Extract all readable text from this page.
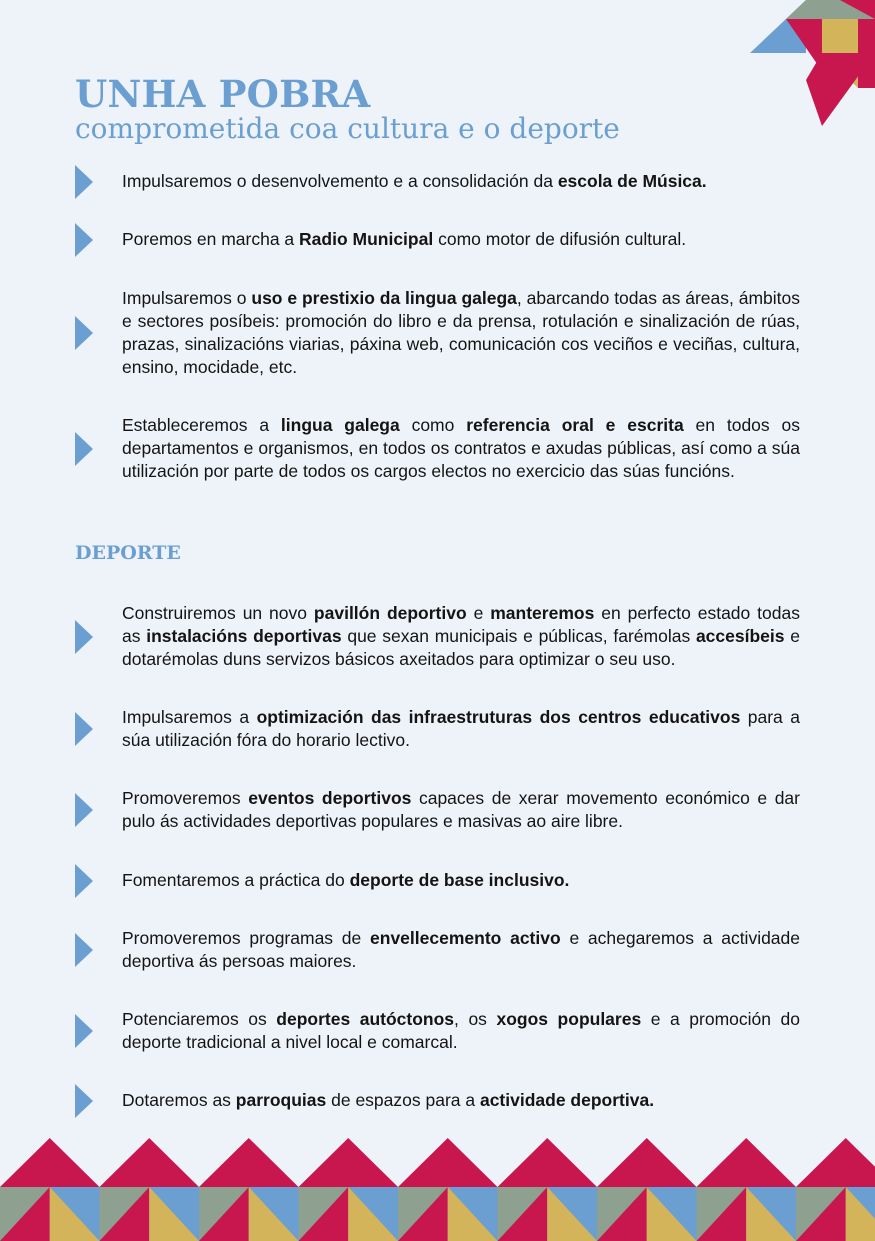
UNHA POBRA
comprometida coa cultura e o deporte
Impulsaremos o desenvolvemento e a consolidación da escola de Música.
Poremos en marcha a Radio Municipal como motor de difusión cultural.
Impulsaremos o uso e prestixio da lingua galega, abarcando todas as áreas, ámbitos e sectores posíbeis: promoción do libro e da prensa, rotulación e sinalización de rúas, prazas, sinalizacións viarias, páxina web, comunicación cos veciños e veciñas, cultura, ensino, mocidade, etc.
Estableceremos a lingua galega como referencia oral e escrita en todos os departamentos e organismos, en todos os contratos e axudas públicas, así como a súa utilización por parte de todos os cargos electos no exercicio das súas funcións.
DEPORTE
Construiremos un novo pavillón deportivo e manteremos en perfecto estado todas as instalacións deportivas que sexan municipais e públicas, farémolas accesíbeis e dotarémolas duns servizos básicos axeitados para optimizar o seu uso.
Impulsaremos a optimización das infraestruturas dos centros educativos para a súa utilización fóra do horario lectivo.
Promoveremos eventos deportivos capaces de xerar movemento económico e dar pulo ás actividades deportivas populares e masivas ao aire libre.
Fomentaremos a práctica do deporte de base inclusivo.
Promoveremos programas de envellecemento activo e achegaremos a actividade deportiva ás persoas maiores.
Potenciaremos os deportes autóctonos, os xogos populares e a promoción do deporte tradicional a nivel local e comarcal.
Dotaremos as parroquias de espazos para a actividade deportiva.
